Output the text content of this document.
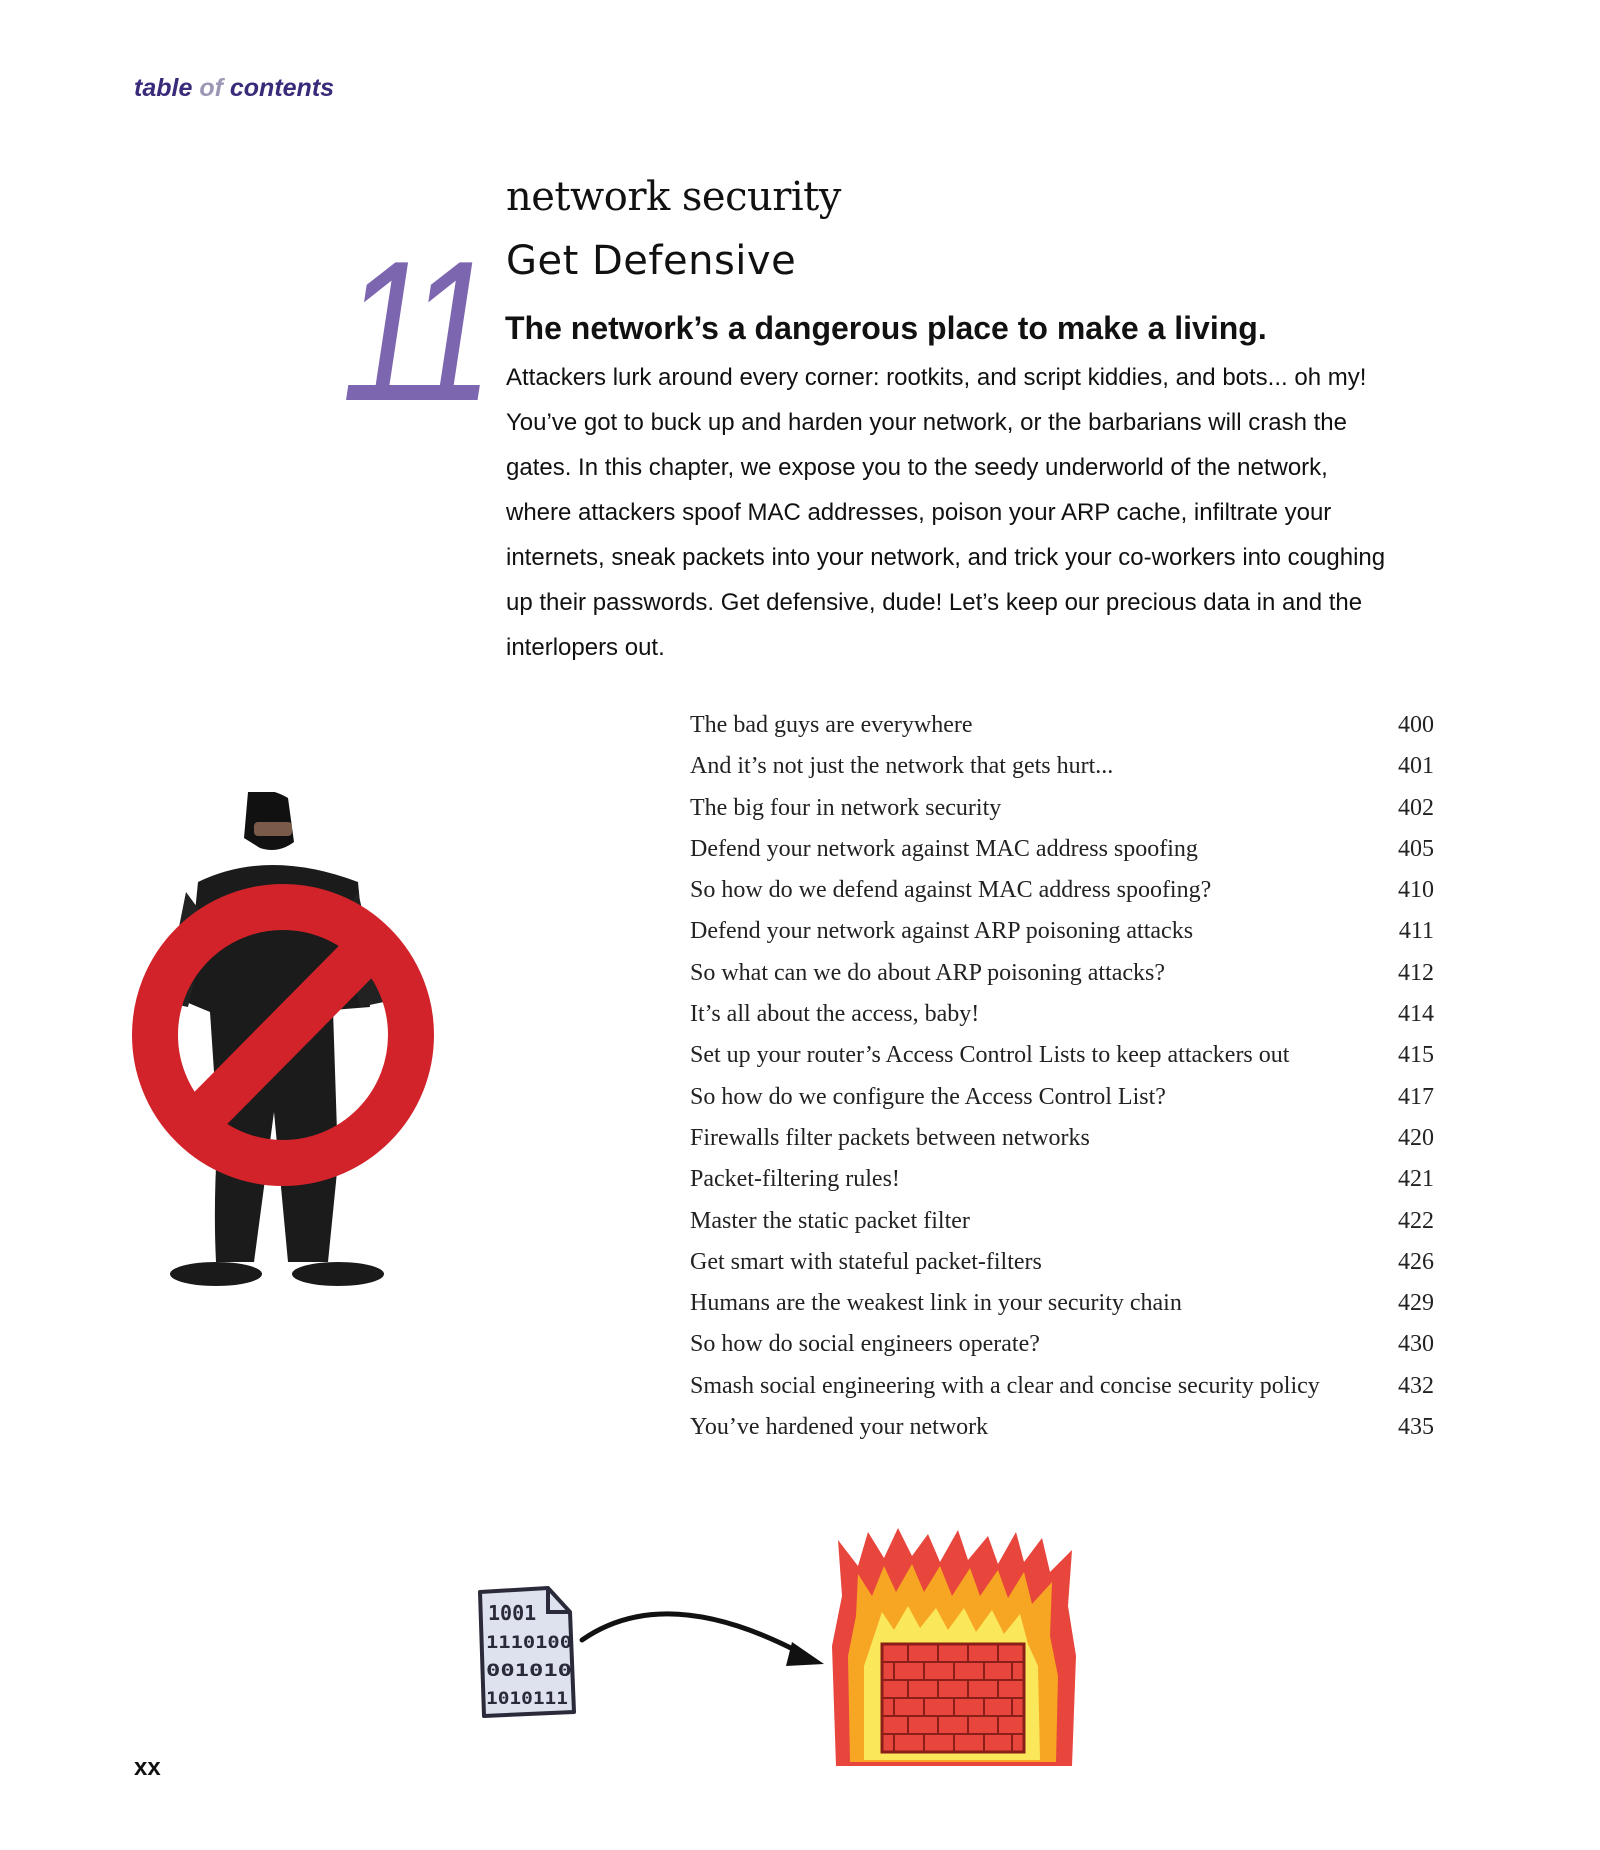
table of contents
11
network security
Get Defensive
The network’s a dangerous place to make a living.

Attackers lurk around every corner: rootkits, and script kiddies, and bots... oh my! You’ve got to buck up and harden your network, or the barbarians will crash the gates. In this chapter, we expose you to the seedy underworld of the network, where attackers spoof MAC addresses, poison your ARP cache, infiltrate your internets, sneak packets into your network, and trick your co-workers into coughing up their passwords. Get defensive, dude! Let’s keep our precious data in and the interlopers out.

The bad guys are everywhere	400
And it’s not just the network that gets hurt...	401
The big four in network security	402
Defend your network against MAC address spoofing	405
So how do we defend against MAC address spoofing?	410
Defend your network against ARP poisoning attacks	411
So what can we do about ARP poisoning attacks?	412
It’s all about the access, baby!	414
Set up your router’s Access Control Lists to keep attackers out	415
So how do we configure the Access Control List?	417
Firewalls filter packets between networks	420
Packet-filtering rules!	421
Master the static packet filter	422
Get smart with stateful packet-filters	426
Humans are the weakest link in your security chain	429
So how do social engineers operate?	430
Smash social engineering with a clear and concise security policy	432
You’ve hardened your network	435
1001
1110100
001010
1010111
xx
